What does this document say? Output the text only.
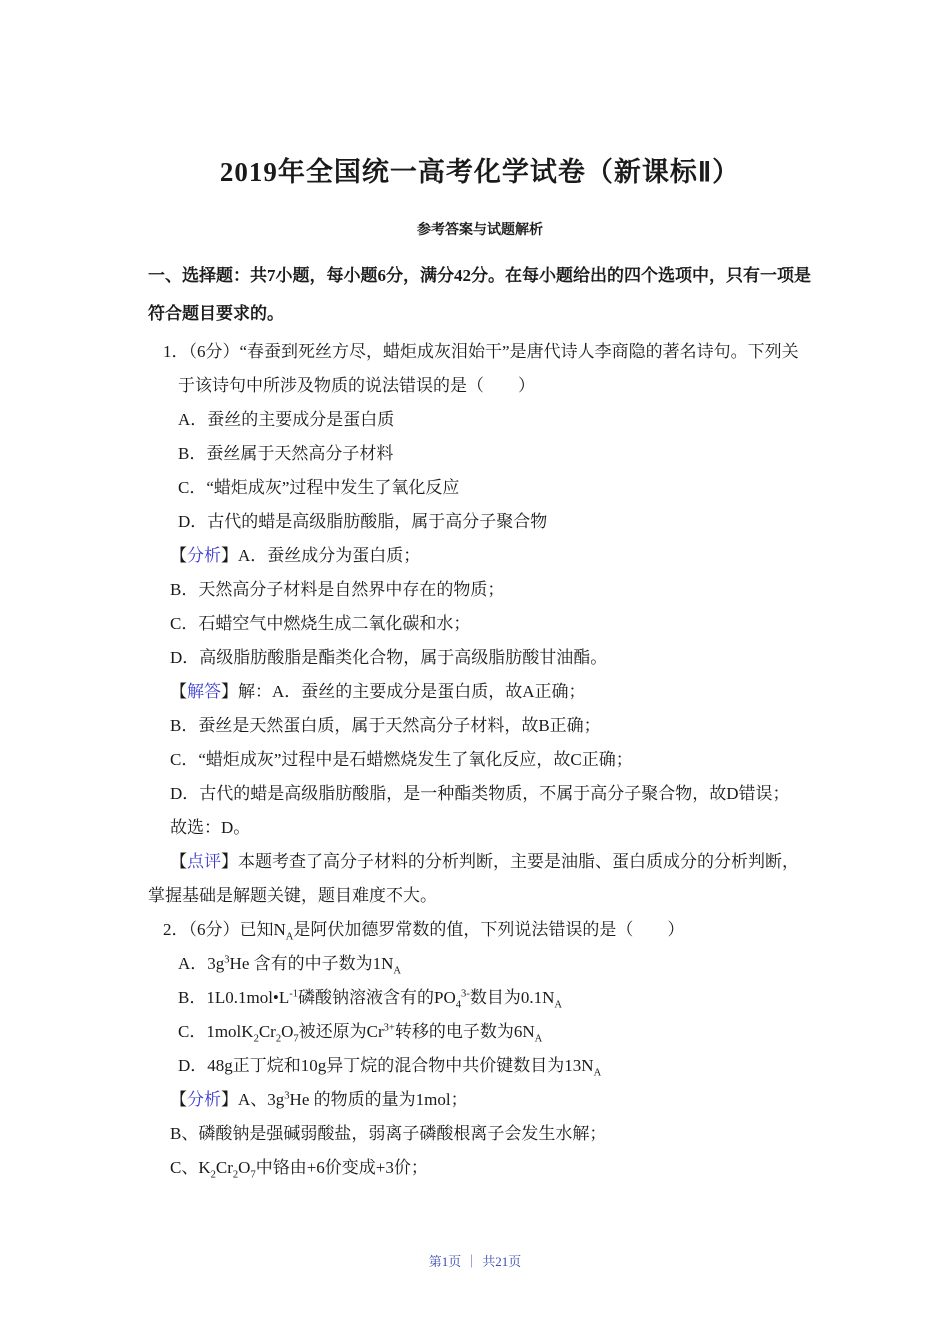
2019年全国统一高考化学试卷（新课标Ⅱ）
参考答案与试题解析

一、选择题：共7小题，每小题6分，满分42分。在每小题给出的四个选项中，只有一项是符合题目要求的。

1．（6分）“春蚕到死丝方尽，蜡炬成灰泪始干”是唐代诗人李商隐的著名诗句。下列关于该诗句中所涉及物质的说法错误的是（　　）

A．蚕丝的主要成分是蛋白质

B．蚕丝属于天然高分子材料

C．“蜡炬成灰”过程中发生了氧化反应

D．古代的蜡是高级脂肪酸脂，属于高分子聚合物

【分析】A．蚕丝成分为蛋白质；

B．天然高分子材料是自然界中存在的物质；

C．石蜡空气中燃烧生成二氧化碳和水；

D．高级脂肪酸脂是酯类化合物，属于高级脂肪酸甘油酯。

【解答】解：A．蚕丝的主要成分是蛋白质，故A正确；

B．蚕丝是天然蛋白质，属于天然高分子材料，故B正确；

C．“蜡炬成灰”过程中是石蜡燃烧发生了氧化反应，故C正确；

D．古代的蜡是高级脂肪酸脂，是一种酯类物质，不属于高分子聚合物，故D错误；

故选：D。

【点评】本题考查了高分子材料的分析判断，主要是油脂、蛋白质成分的分析判断，掌握基础是解题关键，题目难度不大。

2．（6分）已知$N_A$是阿伏加德罗常数的值，下列说法错误的是（　　）

A．$3g^3He$ 含有的中子数为$1N_A$

B．$1L0.1mol•L^{-1}$磷酸钠溶液含有的$PO_4^{3-}$数目为$0.1N_A$

C．$1molK_2Cr_2O_7$被还原为$Cr^{3+}$转移的电子数为$6N_A$

D．48g正丁烷和10g异丁烷的混合物中共价键数目为$13N_A$

【分析】A、$3g^3He$ 的物质的量为1mol；

B、磷酸钠是强碱弱酸盐，弱离子磷酸根离子会发生水解；

C、$K_2Cr_2O_7$中铬由+6价变成+3价；

第1页 ｜ 共21页
